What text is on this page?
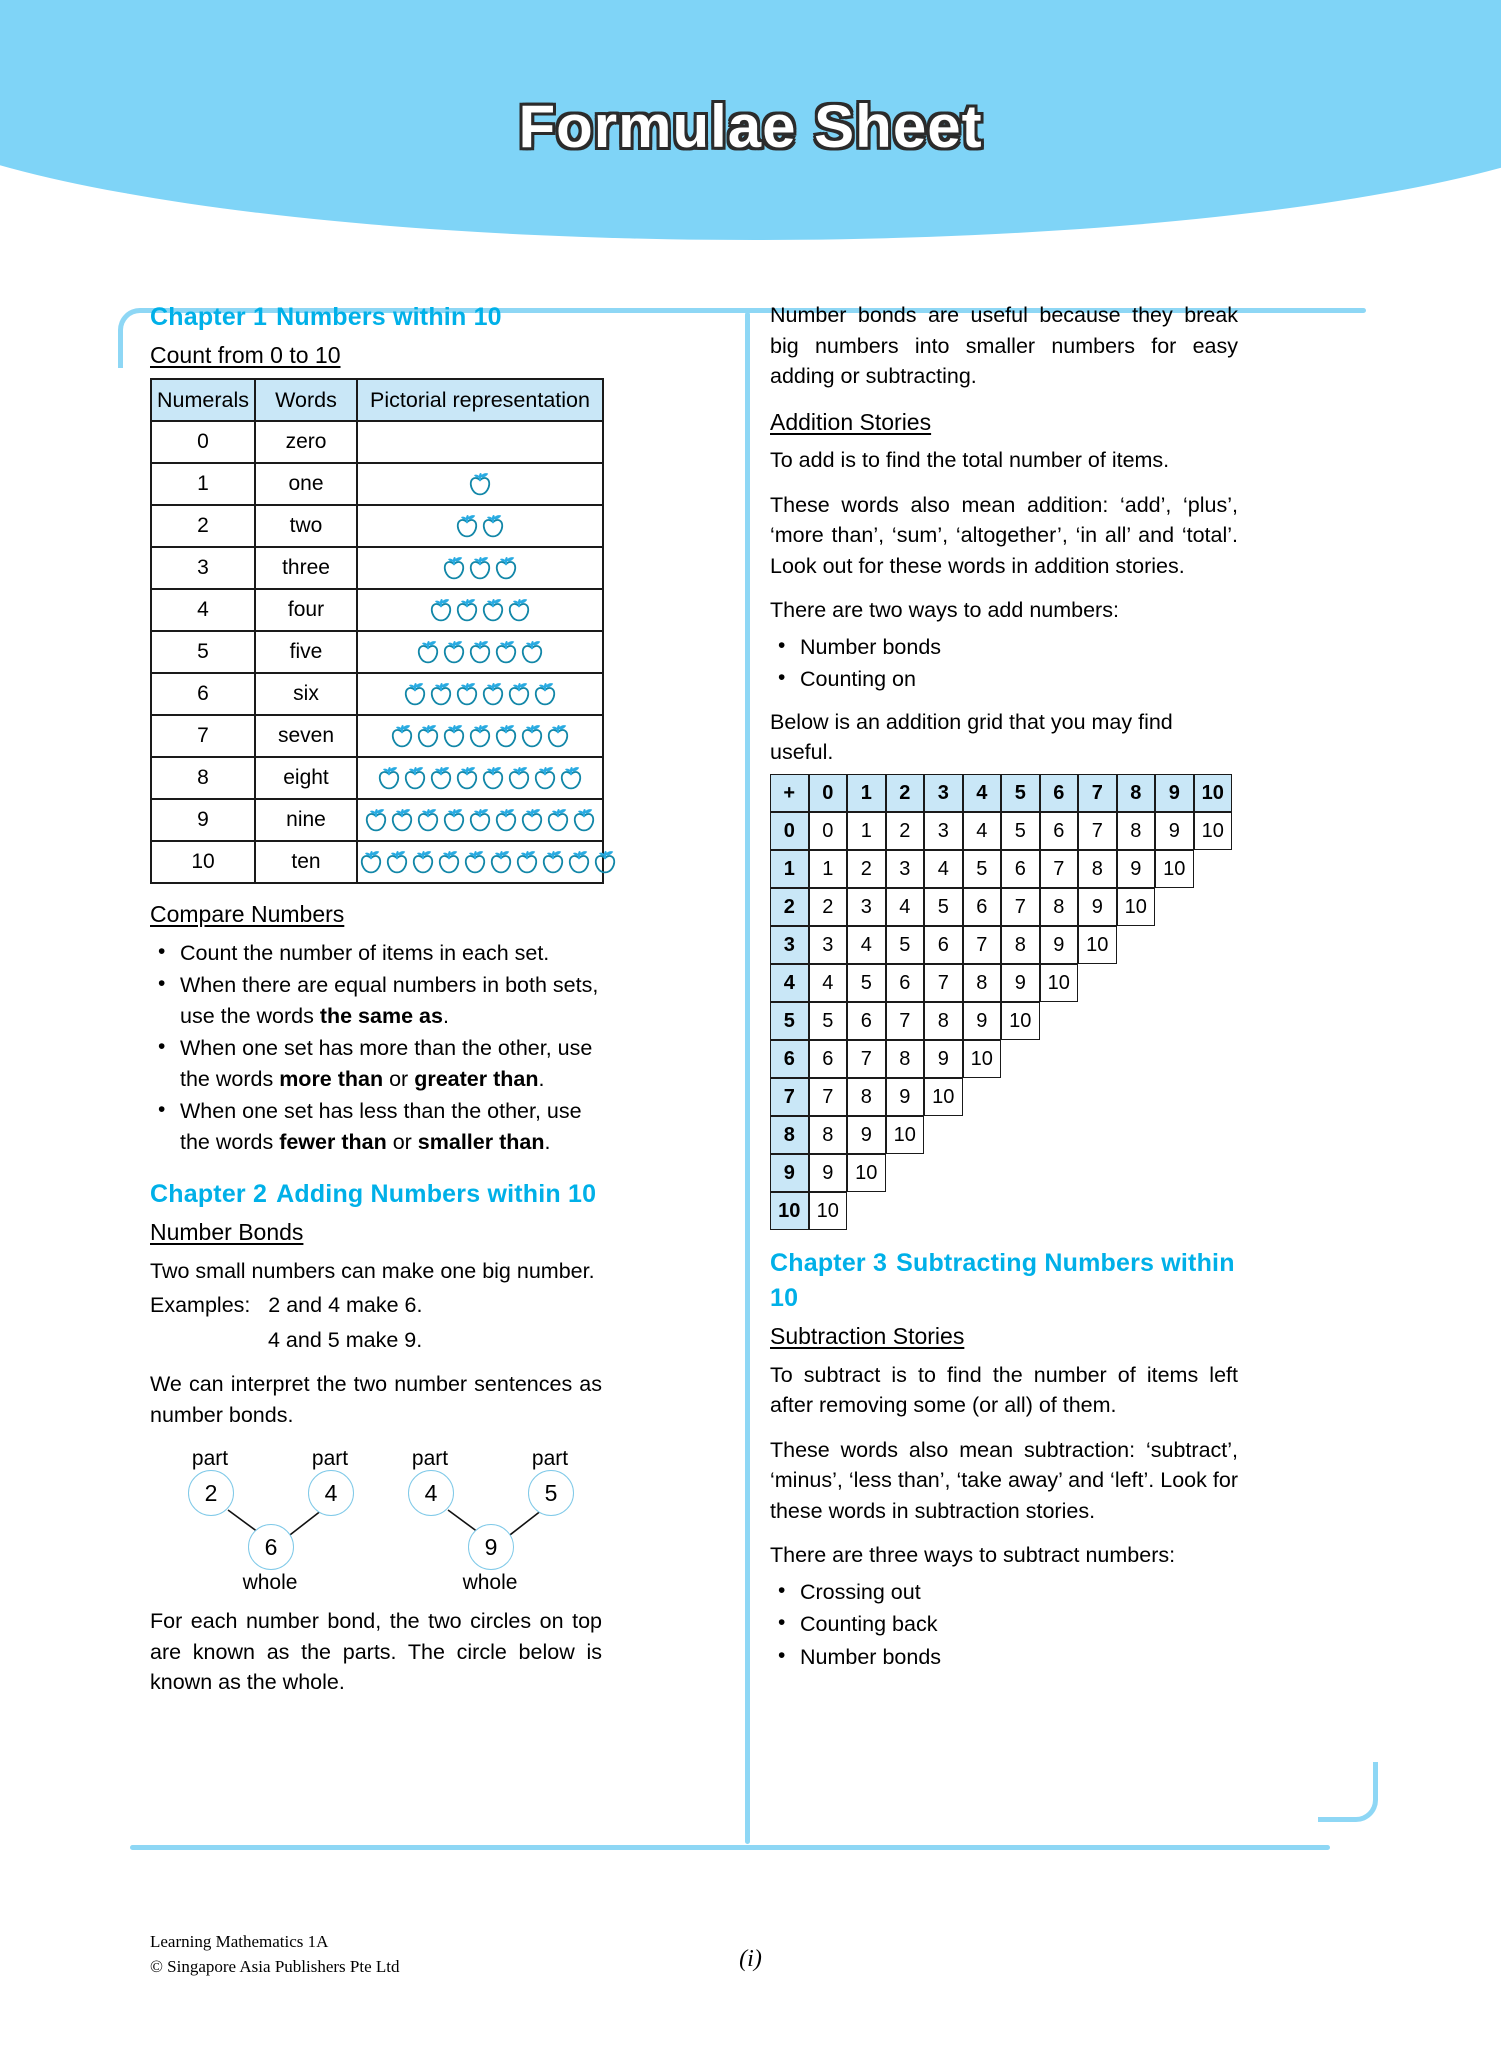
Formulae Sheet
Chapter 1 Numbers within 10
Count from 0 to 10
Numerals	Words	Pictorial representation
0	zero	
1	one	

2	two	

3	three	

4	four	

5	five	

6	six	

7	seven	

8	eight	

9	nine	

10	ten	
Compare Numbers
• Count the number of items in each set.
• When there are equal numbers in both sets, use the words the same as.
• When one set has more than the other, use the words more than or greater than.
• When one set has less than the other, use the words fewer than or smaller than.
Chapter 2 Adding Numbers within 10
Number Bonds

Two small numbers can make one big number.

Examples: 2 and 4 make 6.

4 and 5 make 9.

We can interpret the two number sentences as number bonds.

part	part
2	4
6
whole
part	part
4	5
9
whole

For each number bond, the two circles on top are known as the parts. The circle below is known as the whole.

Number bonds are useful because they break big numbers into smaller numbers for easy adding or subtracting.

Addition Stories

To add is to find the total number of items.

These words also mean addition: ‘add’, ‘plus’, ‘more than’, ‘sum’, ‘altogether’, ‘in all’ and ‘total’. Look out for these words in addition stories.

There are two ways to add numbers:

• Number bonds
• Counting on

Below is an addition grid that you may find useful.

+	0	1	2	3	4	5	6	7	8	9	10
0	0	1	2	3	4	5	6	7	8	9	10
1	1	2	3	4	5	6	7	8	9	10	
2	2	3	4	5	6	7	8	9	10		
3	3	4	5	6	7	8	9	10			
4	4	5	6	7	8	9	10				
5	5	6	7	8	9	10					
6	6	7	8	9	10						
7	7	8	9	10							
8	8	9	10								
9	9	10									
10	10										
Chapter 3 Subtracting Numbers within 10
Subtraction Stories

To subtract is to find the number of items left after removing some (or all) of them.

These words also mean subtraction: ‘subtract’, ‘minus’, ‘less than’, ‘take away’ and ‘left’. Look for these words in subtraction stories.

There are three ways to subtract numbers:

• Crossing out
• Counting back
• Number bonds
Learning Mathematics 1A
© Singapore Asia Publishers Pte Ltd	(i)
